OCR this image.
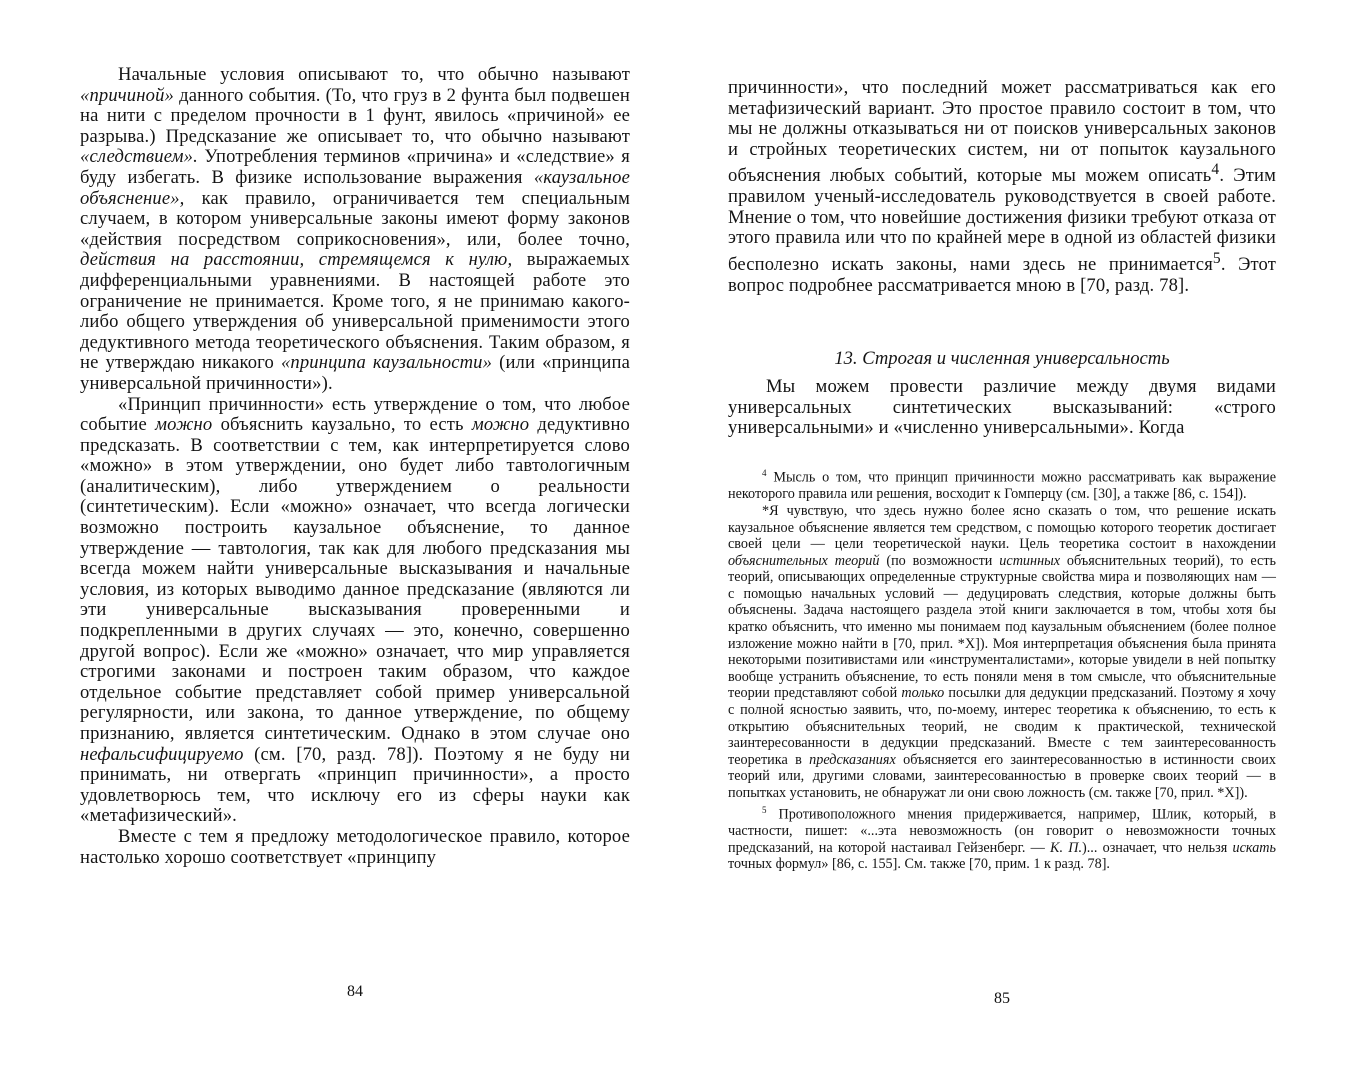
Начальные условия описывают то, что обычно называют «причиной» данного события. (То, что груз в 2 фунта был подвешен на нити с пределом прочности в 1 фунт, явилось «причиной» ее разрыва.) Предсказание же описывает то, что обычно называют «следствием». Употребления терминов «причина» и «следствие» я буду избегать. В физике использование выражения «каузальное объяснение», как правило, ограничивается тем специальным случаем, в котором универсальные законы имеют форму законов «действия посредством соприкосновения», или, более точно, действия на расстоянии, стремящемся к нулю, выражаемых дифференциальными уравнениями. В настоящей работе это ограничение не принимается. Кроме того, я не принимаю какого-либо общего утверждения об универсальной применимости этого дедуктивного метода теоретического объяснения. Таким образом, я не утверждаю никакого «принципа каузальности» (или «принципа универсальной причинности»).

«Принцип причинности» есть утверждение о том, что любое событие можно объяснить каузально, то есть можно дедуктивно предсказать. В соответствии с тем, как интерпретируется слово «можно» в этом утверждении, оно будет либо тавтологичным (аналитическим), либо утверждением о реальности (синтетическим). Если «можно» означает, что всегда логически возможно построить каузальное объяснение, то данное утверждение — тавтология, так как для любого предсказания мы всегда можем найти универсальные высказывания и начальные условия, из которых выводимо данное предсказание (являются ли эти универсальные высказывания проверенными и подкрепленными в других случаях — это, конечно, совершенно другой вопрос). Если же «можно» означает, что мир управляется строгими законами и построен таким образом, что каждое отдельное событие представляет собой пример универсальной регулярности, или закона, то данное утверждение, по общему признанию, является синтетическим. Однако в этом случае оно нефальсифицируемо (см. [70, разд. 78]). Поэтому я не буду ни принимать, ни отвергать «принцип причинности», а просто удовлетворюсь тем, что исключу его из сферы науки как «метафизический».

Вместе с тем я предложу методологическое правило, которое настолько хорошо соответствует «принципу

84

причинности», что последний может рассматриваться как его метафизический вариант. Это простое правило состоит в том, что мы не должны отказываться ни от поисков универсальных законов и стройных теоретических систем, ни от попыток каузального объяснения любых событий, которые мы можем описать$^4$. Этим правилом ученый-исследователь руководствуется в своей работе. Мнение о том, что новейшие достижения физики требуют отказа от этого правила или что по крайней мере в одной из областей физики бесполезно искать законы, нами здесь не принимается$^5$. Этот вопрос подробнее рассматривается мною в [70, разд. 78].

13. Строгая и численная универсальность

Мы можем провести различие между двумя видами универсальных синтетических высказываний: «строго универсальными» и «численно универсальными». Когда

$^4$ Мысль о том, что принцип причинности можно рассматривать как выражение некоторого правила или решения, восходит к Гомперцу (см. [30], а также [86, с. 154]).

*Я чувствую, что здесь нужно более ясно сказать о том, что решение искать каузальное объяснение является тем средством, с помощью которого теоретик достигает своей цели — цели теоретической науки. Цель теоретика состоит в нахождении объяснительных теорий (по возможности истинных объяснительных теорий), то есть теорий, описывающих определенные структурные свойства мира и позволяющих нам — с помощью начальных условий — дедуцировать следствия, которые должны быть объяснены. Задача настоящего раздела этой книги заключается в том, чтобы хотя бы кратко объяснить, что именно мы понимаем под каузальным объяснением (более полное изложение можно найти в [70, прил. *X]). Моя интерпретация объяснения была принята некоторыми позитивистами или «инструменталистами», которые увидели в ней попытку вообще устранить объяснение, то есть поняли меня в том смысле, что объяснительные теории представляют собой только посылки для дедукции предсказаний. Поэтому я хочу с полной ясностью заявить, что, по-моему, интерес теоретика к объяснению, то есть к открытию объяснительных теорий, не сводим к практической, технической заинтересованности в дедукции предсказаний. Вместе с тем заинтересованность теоретика в предсказаниях объясняется его заинтересованностью в истинности своих теорий или, другими словами, заинтересованностью в проверке своих теорий — в попытках установить, не обнаружат ли они свою ложность (см. также [70, прил. *X]).

$^5$ Противоположного мнения придерживается, например, Шлик, который, в частности, пишет: «...эта невозможность (он говорит о невозможности точных предсказаний, на которой настаивал Гейзенберг. — К. П.)... означает, что нельзя искать точных формул» [86, с. 155]. См. также [70, прим. 1 к разд. 78].

85
